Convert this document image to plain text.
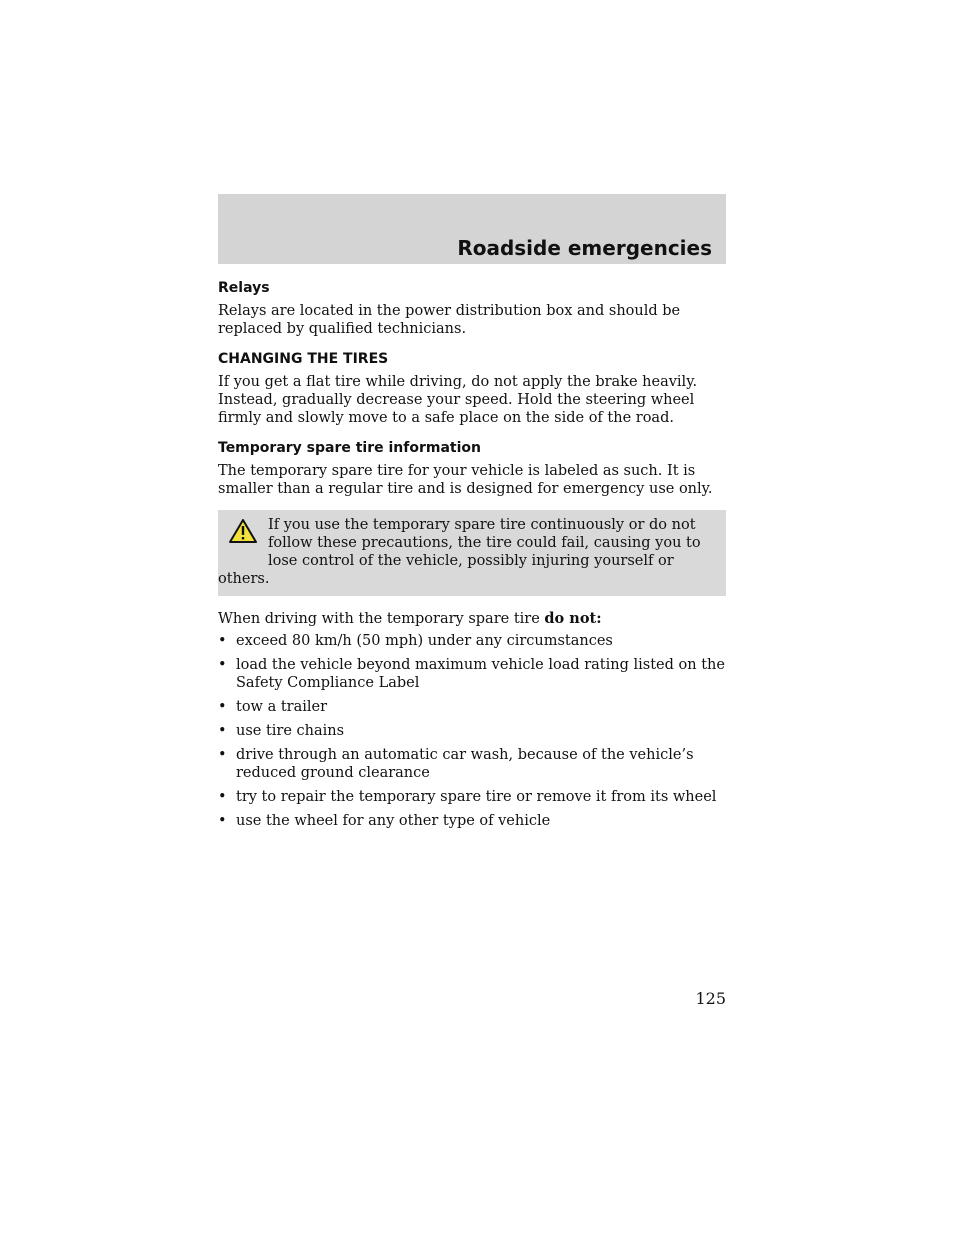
Roadside emergencies
Relays

Relays are located in the power distribution box and should be replaced by qualified technicians.

CHANGING THE TIRES

If you get a flat tire while driving, do not apply the brake heavily. Instead, gradually decrease your speed. Hold the steering wheel firmly and slowly move to a safe place on the side of the road.

Temporary spare tire information

The temporary spare tire for your vehicle is labeled as such. It is smaller than a regular tire and is designed for emergency use only.

If you use the temporary spare tire continuously or do not follow these precautions, the tire could fail, causing you to lose control of the vehicle, possibly injuring yourself or others.

When driving with the temporary spare tire do not:

• exceed 80 km/h (50 mph) under any circumstances
• load the vehicle beyond maximum vehicle load rating listed on the Safety Compliance Label
• tow a trailer
• use tire chains
• drive through an automatic car wash, because of the vehicle’s reduced ground clearance
• try to repair the temporary spare tire or remove it from its wheel
• use the wheel for any other type of vehicle
125
